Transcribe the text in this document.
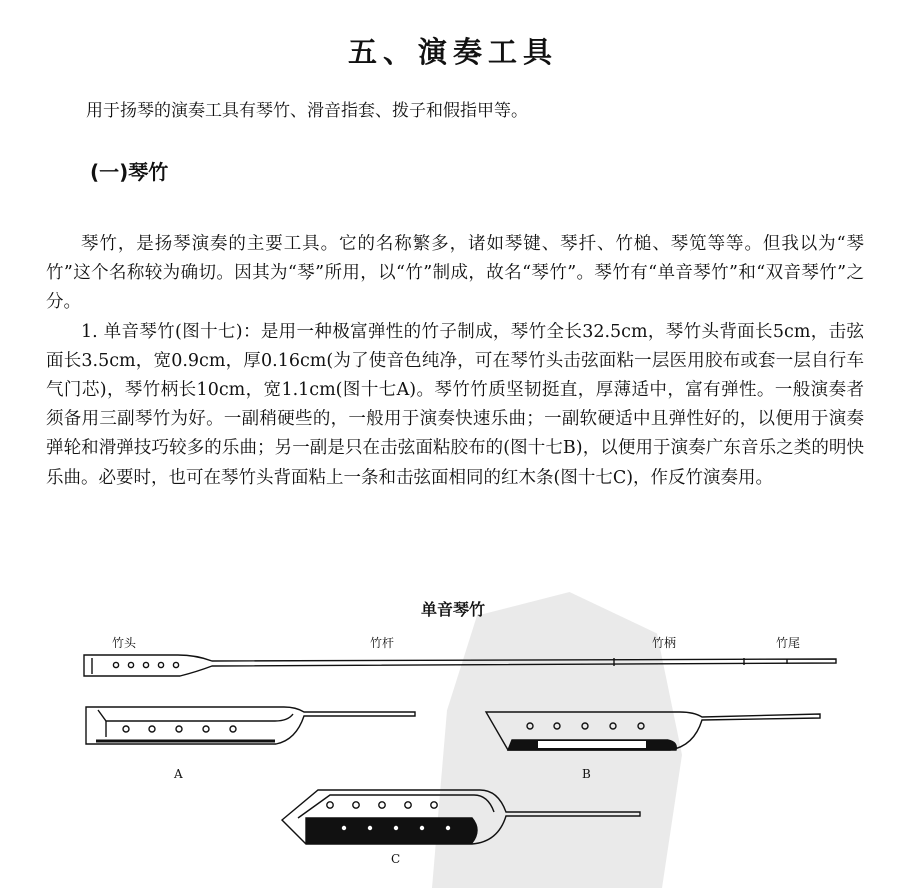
五、演奏工具
用于扬琴的演奏工具有琴竹、滑音指套、拨子和假指甲等。
(一)琴竹

琴竹，是扬琴演奏的主要工具。它的名称繁多，诸如琴键、琴扦、竹槌、琴笕等等。但我以为“琴竹”这个名称较为确切。因其为“琴”所用，以“竹”制成，故名“琴竹”。琴竹有“单音琴竹”和“双音琴竹”之分。

1. 单音琴竹(图十七)：是用一种极富弹性的竹子制成，琴竹全长32.5cm，琴竹头背面长5cm，击弦面长3.5cm，宽0.9cm，厚0.16cm(为了使音色纯净，可在琴竹头击弦面粘一层医用胶布或套一层自行车气门芯)，琴竹柄长10cm，宽1.1cm(图十七A)。琴竹竹质坚韧挺直，厚薄适中，富有弹性。一般演奏者须备用三副琴竹为好。一副稍硬些的，一般用于演奏快速乐曲；一副软硬适中且弹性好的，以便用于演奏弹轮和滑弹技巧较多的乐曲；另一副是只在击弦面粘胶布的(图十七B)，以便用于演奏广东音乐之类的明快乐曲。必要时，也可在琴竹头背面粘上一条和击弦面相同的红木条(图十七C)，作反竹演奏用。

单音琴竹
竹头	竹杆	竹柄	竹尾
A	B
C
